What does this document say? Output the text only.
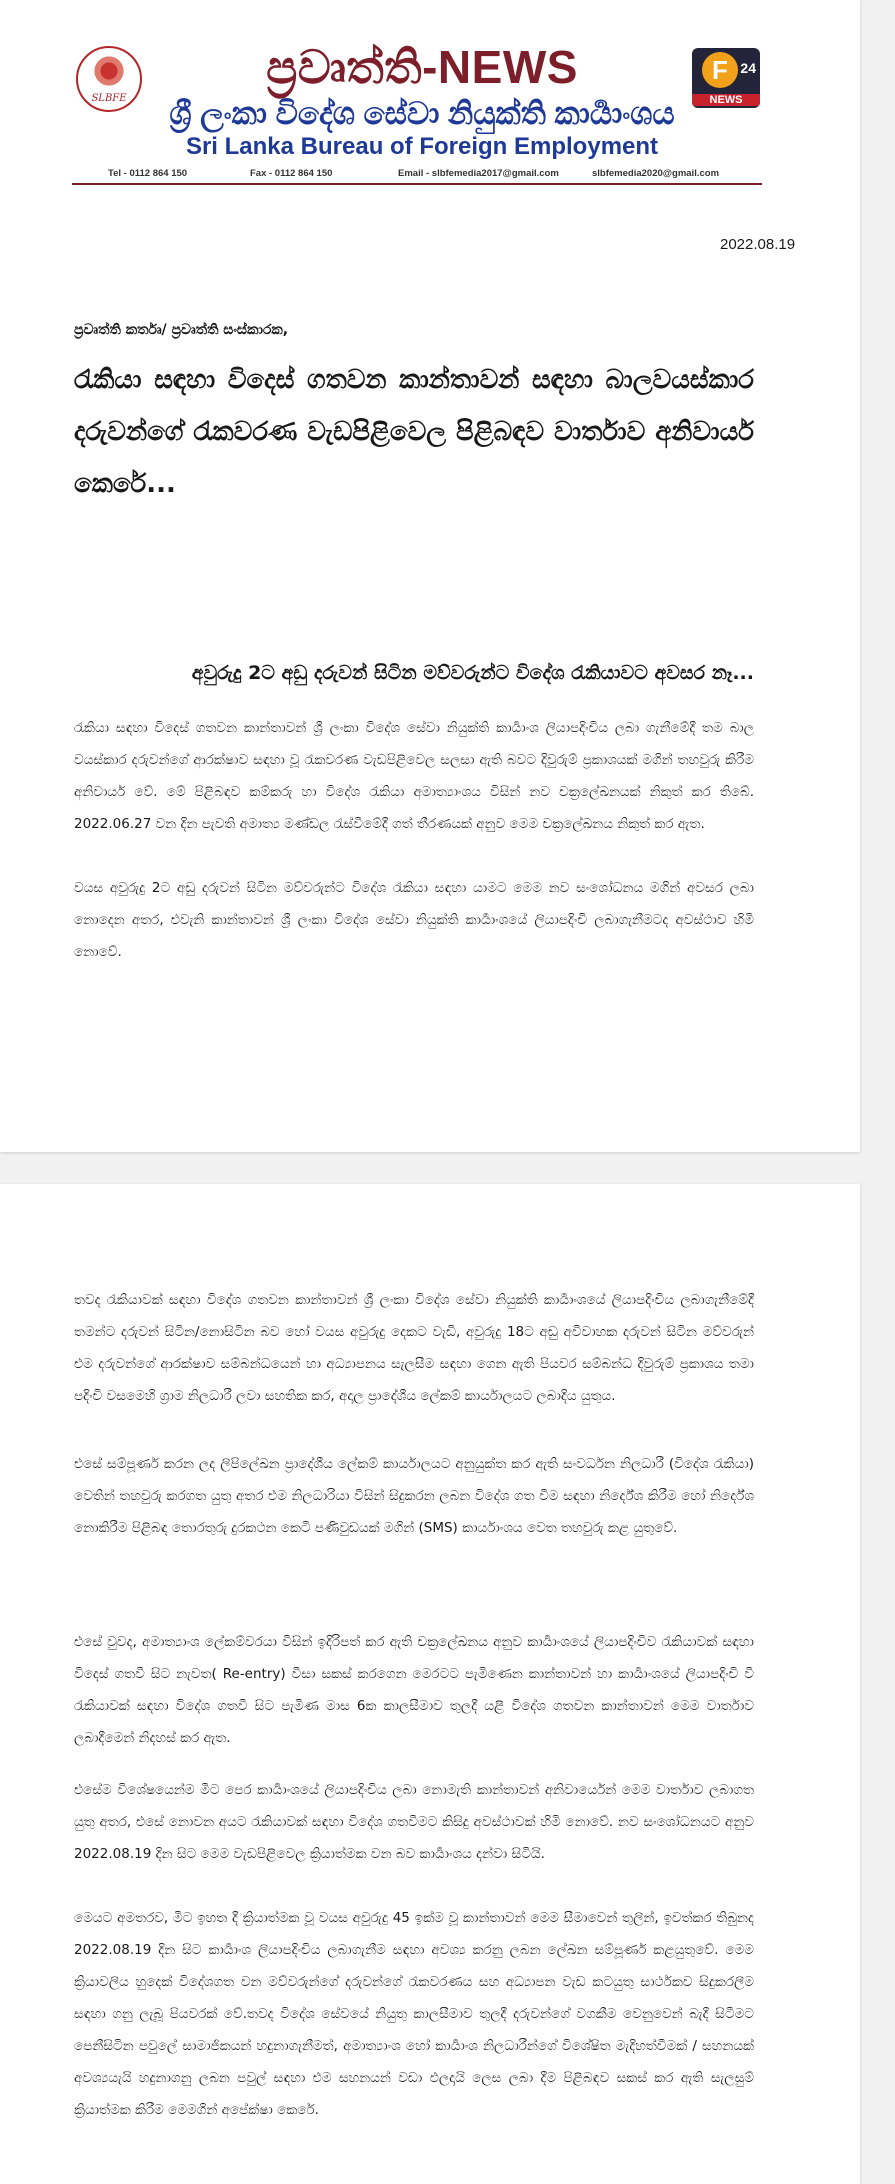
SLBFE
ප්‍රවෘත්ති-NEWS
ශ්‍රී ලංකා විදේශ සේවා නියුක්ති කාර්‍යාංශය
Sri Lanka Bureau of Foreign Employment
F 24
NEWS
Tel - 0112 864 150	Fax - 0112 864 150	Email - slbfemedia2017@gmail.com	slbfemedia2020@gmail.com
2022.08.19
ප්‍රවෘත්ති කර්තෘ/ ප්‍රවෘත්ති සංස්කාරක,
රැකියා සඳහා විදෙස් ගතවන කාන්තාවන් සඳහා බාලවයස්කාර දරුවන්ගේ රැකවරණ වැඩපිළිවෙල පිළිබඳව වාර්තාව අනිවාර්ය කෙරේ...
අවුරුදු 2ට අඩු දරුවන් සිටින මව්වරුන්ට විදේශ රැකියාවට අවසර නෑ...
රැකියා සඳහා විදෙස් ගතවන කාන්තාවන් ශ්‍රී ලංකා විදේශ සේවා නියුක්ති කාර්‍යාංශ ලියාපදිංචිය ලබා ගැනීමේදී තම බාල වයස්කාර දරුවන්ගේ ආරක්ෂාව සඳහා වූ රැකවරණ වැඩපිළිවෙල සලසා ඇති බවට දිවුරුම් ප්‍රකාශයක් මගින් තහවුරු කිරීම අනිවාර්ය වේ. මේ පිළිබඳව කම්කරු හා විදේශ රැකියා අමාත්‍යාංශය විසින් නව චක්‍රලේඛනයක් නිකුත් කර තිබේ. 2022.06.27 වන දින පැවති අමාත්‍ය මණ්ඩල රැස්වීමේදී ගත් තීරණයක් අනුව මෙම චක්‍රලේඛනය නිකුත් කර ඇත.
වයස අවුරුදු 2ට අඩු දරුවන් සිටින මව්වරුන්ට විදේශ රැකියා සඳහා යාමට මෙම නව සංශෝධනය මගින් අවසර ලබා නොදෙන අතර, එවැනි කාන්තාවන් ශ්‍රී ලංකා විදේශ සේවා නියුක්ති කාර්‍යාංශයේ ලියාපදිංචි ලබාගැනීමටද අවස්ථාව හිමි නොවේ.
තවද රැකියාවක් සඳහා විදේශ ගතවන කාන්තාවන් ශ්‍රී ලංකා විදේශ සේවා නියුක්ති කාර්‍යාංශයේ ලියාපදිංචිය ලබාගැනීමේදී තමන්ට දරුවන් සිටින/නොසිටින බව හෝ වයස අවුරුදු දෙකට වැඩි, අවුරුදු 18ට අඩු අවිවාහක දරුවන් සිටින මව්වරුන් එම දරුවන්ගේ ආරක්ෂාව සම්බන්ධයෙන් හා අධ්‍යාපනය සැලසීම සඳහා ගෙන ඇති පියවර සම්බන්ධ දිවුරුම් ප්‍රකාශය තමා පදිංචි වසමෙහි ග්‍රාම නිලධාරී ලවා සහතික කර, අදාල ප්‍රාදේශීය ලේකම් කාර්යාලයට ලබාදිය යුතුය.
එසේ සම්පූර්ණ කරන ලද ලිපිලේඛන ප්‍රාදේශීය ලේකම් කාර්යාලයට අනුයුක්ත කර ඇති සංවර්ධන නිලධාරී (විදේශ රැකියා) වෙතින් තහවුරු කරගත යුතු අතර එම නිලධාරියා විසින් සිදුකරන ලබන විදේශ ගත වීම සඳහා නිර්දේශ කිරීම හෝ නිර්දේශ නොකිරීම පිළිබඳ තොරතුරු දුරකථන කෙටි පණිවුඩයක් මගින් (SMS) කාර්යාංශය වෙත තහවුරු කළ යුතුවේ.
එසේ වුවද, අමාත්‍යාංශ ලේකම්වරයා විසින් ඉදිරිපත් කර ඇති චක්‍රලේඛනය අනුව කාර්‍යාංශයේ ලියාපදිංචිව රැකියාවක් සඳහා විදෙස් ගතවී සිට නැවත( Re-entry) වීසා සකස් කරගෙන මෙරටට පැමිණෙන කාන්තාවන් හා කාර්‍යාංශයේ ලියාපදිංචි වී රැකියාවක් සඳහා විදේශ ගතවී සිට පැමිණ මාස 6ක කාලසීමාව තුලදී යළි විදේශ ගතවන කාන්තාවන් මෙම වාර්තාව ලබාදීමෙන් නිදහස් කර ඇත.
එසේම විශේෂයෙන්ම මීට පෙර කාර්‍යාංශයේ ලියාපදිංචිය ලබා නොමැති කාන්තාවන් අනිවාර්යෙන් මෙම වාර්තාව ලබාගත යුතු අතර, එසේ නොවන අයට රැකියාවක් සඳහා විදේශ ගතවීමට කිසිදු අවස්ථාවක් හිමි නොවේ. නව සංශෝධනයට අනුව 2022.08.19 දින සිට මෙම වැඩපිළිවෙල ක්‍රියාත්මක වන බව කාර්‍යාංශය දන්වා සිටියි.
මෙයට අමතරව, මීට ඉහත දී ක්‍රියාත්මක වූ වයස අවුරුදු 45 ඉක්ම වූ කාන්තාවන් මෙම සීමාවෙන් තුලින්, ඉවත්කර තිබුනද 2022.08.19 දින සිට කාර්‍යාංශ ලියාපදිංචිය ලබාගැනීම සඳහා අවශ්‍ය කරනු ලබන ලේඛන සම්පූර්ණ කළයුතුවේ. මෙම ක්‍රියාවලිය හුදෙක් විදේශගත වන මව්වරුන්ගේ දරුවන්ගේ රැකවරණය සහ අධ්‍යාපන වැඩ කටයුතු සාර්ථකව සිදුකරලීම සඳහා ගනු ලැබූ පියවරක් වේ.තවද විදේශ සේවයේ නියුතු කාලසීමාව තුලදී දරුවන්ගේ වගකීම වෙනුවෙන් බැදී සිටීමට පෙනීසිටින පවුලේ සාමාජිකයන් හදුනාගැනීමත්, අමාත්‍යාංශ හෝ කාර්‍යාංශ නිලධාරීන්ගේ විශේෂිත මැදිහත්වීමක් / සහනයක් අවශ්‍යයැයි හදුනාගනු ලබන පවුල් සඳහා එම සහනයන් වඩා ඵලදායි ලෙස ලබා දීම පිළිබඳව සකස් කර ඇති සැලසුම් ක්‍රියාත්මක කිරීම මෙමගින් අපේක්ෂා කෙරේ.
